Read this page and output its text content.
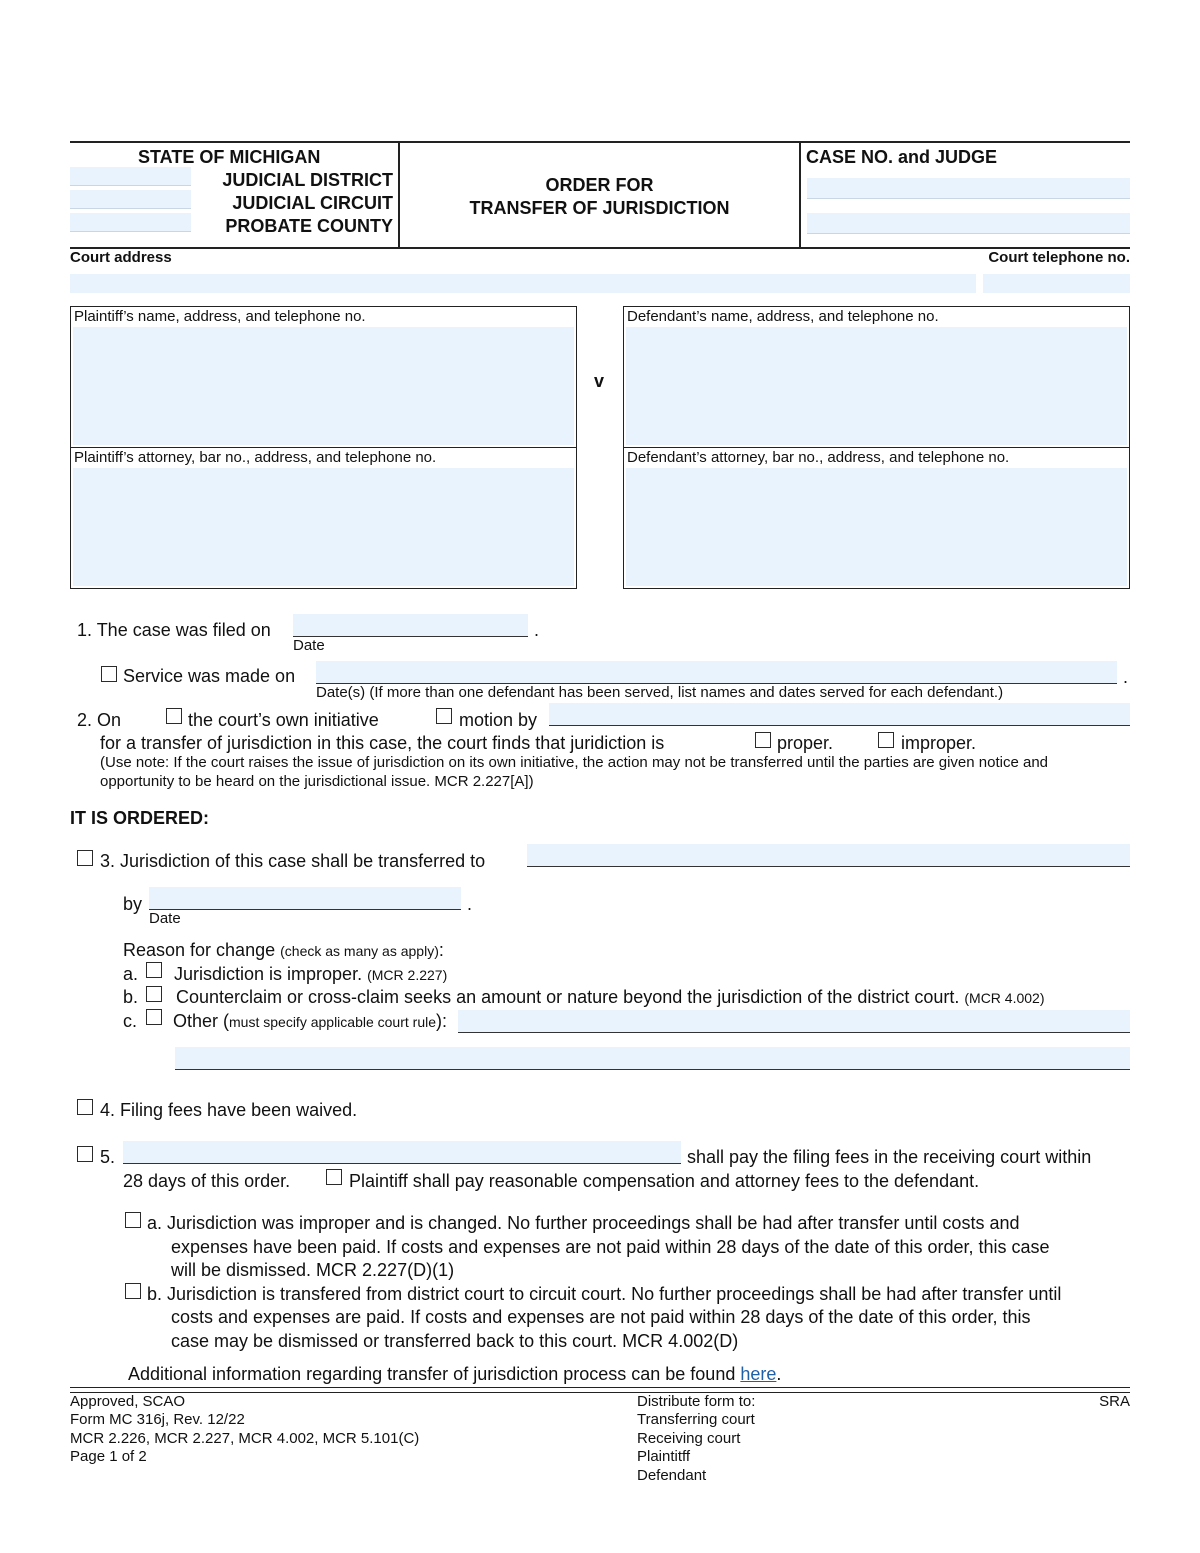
STATE OF MICHIGAN
JUDICIAL DISTRICT
JUDICIAL CIRCUIT
PROBATE COUNTY
ORDER FOR
TRANSFER OF JURISDICTION
CASE NO. and JUDGE
Court address	Court telephone no.
Plaintiff’s name, address, and telephone no.
Plaintiff’s attorney, bar no., address, and telephone no.
v
Defendant’s name, address, and telephone no.
Defendant’s attorney, bar no., address, and telephone no.
1. The case was filed on	.
Date
Service was made on	.
Date(s) (If more than one defendant has been served, list names and dates served for each defendant.)
2. On	the court’s own initiative	motion by
for a transfer of jurisdiction in this case, the court finds that juridiction is	proper.	improper.
(Use note: If the court raises the issue of jurisdiction on its own initiative, the action may not be transferred until the parties are given notice and
opportunity to be heard on the jurisdictional issue. MCR 2.227[A])
IT IS ORDERED:
3. Jurisdiction of this case shall be transferred to
by	.
Date
Reason for change (check as many as apply):
a. Jurisdiction is improper. (MCR 2.227)
b. Counterclaim or cross-claim seeks an amount or nature beyond the jurisdiction of the district court. (MCR 4.002)
c. Other (must specify applicable court rule):
4. Filing fees have been waived.
5.	shall pay the filing fees in the receiving court within
28 days of this order.	Plaintiff shall pay reasonable compensation and attorney fees to the defendant.
a. Jurisdiction was improper and is changed. No further proceedings shall be had after transfer until costs and
expenses have been paid. If costs and expenses are not paid within 28 days of the date of this order, this case
will be dismissed. MCR 2.227(D)(1)
b. Jurisdiction is transfered from district court to circuit court. No further proceedings shall be had after transfer until
costs and expenses are paid. If costs and expenses are not paid within 28 days of the date of this order, this
case may be dismissed or transferred back to this court. MCR 4.002(D)
Additional information regarding transfer of jurisdiction process can be found here.
Approved, SCAO
Form MC 316j, Rev. 12/22
MCR 2.226, MCR 2.227, MCR 4.002, MCR 5.101(C)
Page 1 of 2
Distribute form to:
Transferring court
Receiving court
Plaintitff
Defendant
SRA
